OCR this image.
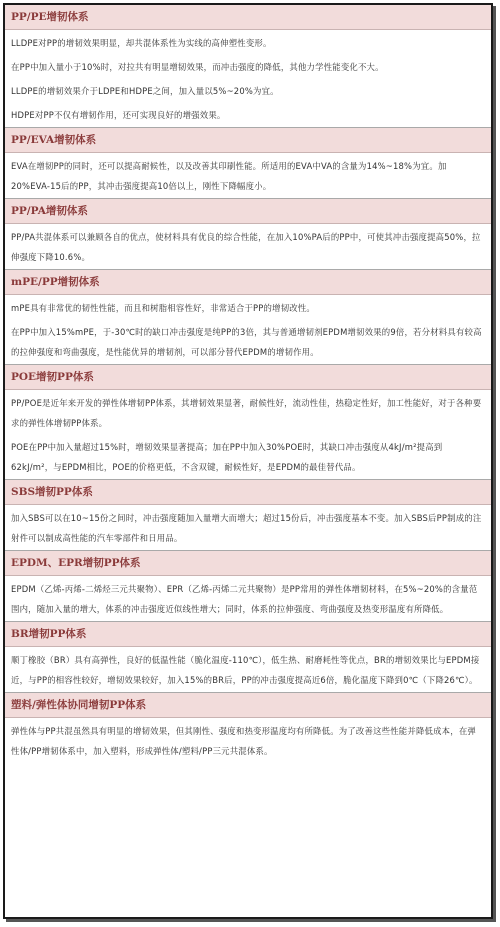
PP/PE增韧体系

LLDPE对PP的增韧效果明显，却共混体系性为实线的高伸塑性变形。

在PP中加入量小于10%时，对拉共有明显增韧效果，而冲击强度的降低，其他力学性能变化不大。

LLDPE的增韧效果介于LDPE和HDPE之间，加入量以5%~20%为宜。

HDPE对PP不仅有增韧作用，还可实现良好的增强效果。

PP/EVA增韧体系

EVA在增韧PP的同时，还可以提高耐候性，以及改善其印刷性能。所适用的EVA中VA的含量为14%~18%为宜。加20%EVA-15后的PP，其冲击强度提高10倍以上，刚性下降幅度小。

PP/PA增韧体系

PP/PA共混体系可以兼顾各自的优点，使材料具有优良的综合性能，在加入10%PA后的PP中，可使其冲击强度提高50%，拉伸强度下降10.6%。

mPE/PP增韧体系

mPE具有非常优的韧性性能，而且和树脂相容性好，非常适合于PP的增韧改性。

在PP中加入15%mPE，于-30℃时的缺口冲击强度是纯PP的3倍，其与普通增韧剂EPDM增韧效果的9倍，若分材料具有较高的拉伸强度和弯曲强度，是性能优异的增韧剂，可以部分替代EPDM的增韧作用。

POE增韧PP体系

PP/POE是近年来开发的弹性体增韧PP体系，其增韧效果显著，耐候性好，流动性佳，热稳定性好，加工性能好，对于各种要求的弹性体增韧PP体系。

POE在PP中加入量超过15%时，增韧效果显著提高；加在PP中加入30%POE时，其缺口冲击强度从4kJ/m²提高到62kJ/m²，与EPDM相比，POE的价格更低，不含双键，耐候性好，是EPDM的最佳替代品。

SBS增韧PP体系

加入SBS可以在10~15份之间时，冲击强度随加入量增大而增大；超过15份后，冲击强度基本不变。加入SBS后PP制成的注射件可以制成高性能的汽车零部件和日用品。

EPDM、EPR增韧PP体系

EPDM（乙烯-丙烯-二烯烃三元共聚物）、EPR（乙烯-丙烯二元共聚物）是PP常用的弹性体增韧材料，在5%~20%的含量范围内，随加入量的增大，体系的冲击强度近似线性增大；同时，体系的拉伸强度、弯曲强度及热变形温度有所降低。

BR增韧PP体系

顺丁橡胶（BR）具有高弹性，良好的低温性能（脆化温度-110℃），低生热、耐磨耗性等优点，BR的增韧效果比与EPDM接近，与PP的相容性较好，增韧效果较好，加入15%的BR后，PP的冲击强度提高近6倍，脆化温度下降到0℃（下降26℃）。

塑料/弹性体协同增韧PP体系

弹性体与PP共混虽然具有明显的增韧效果，但其刚性、强度和热变形温度均有所降低。为了改善这些性能并降低成本，在弹性体/PP增韧体系中，加入塑料，形成弹性体/塑料/PP三元共混体系。
